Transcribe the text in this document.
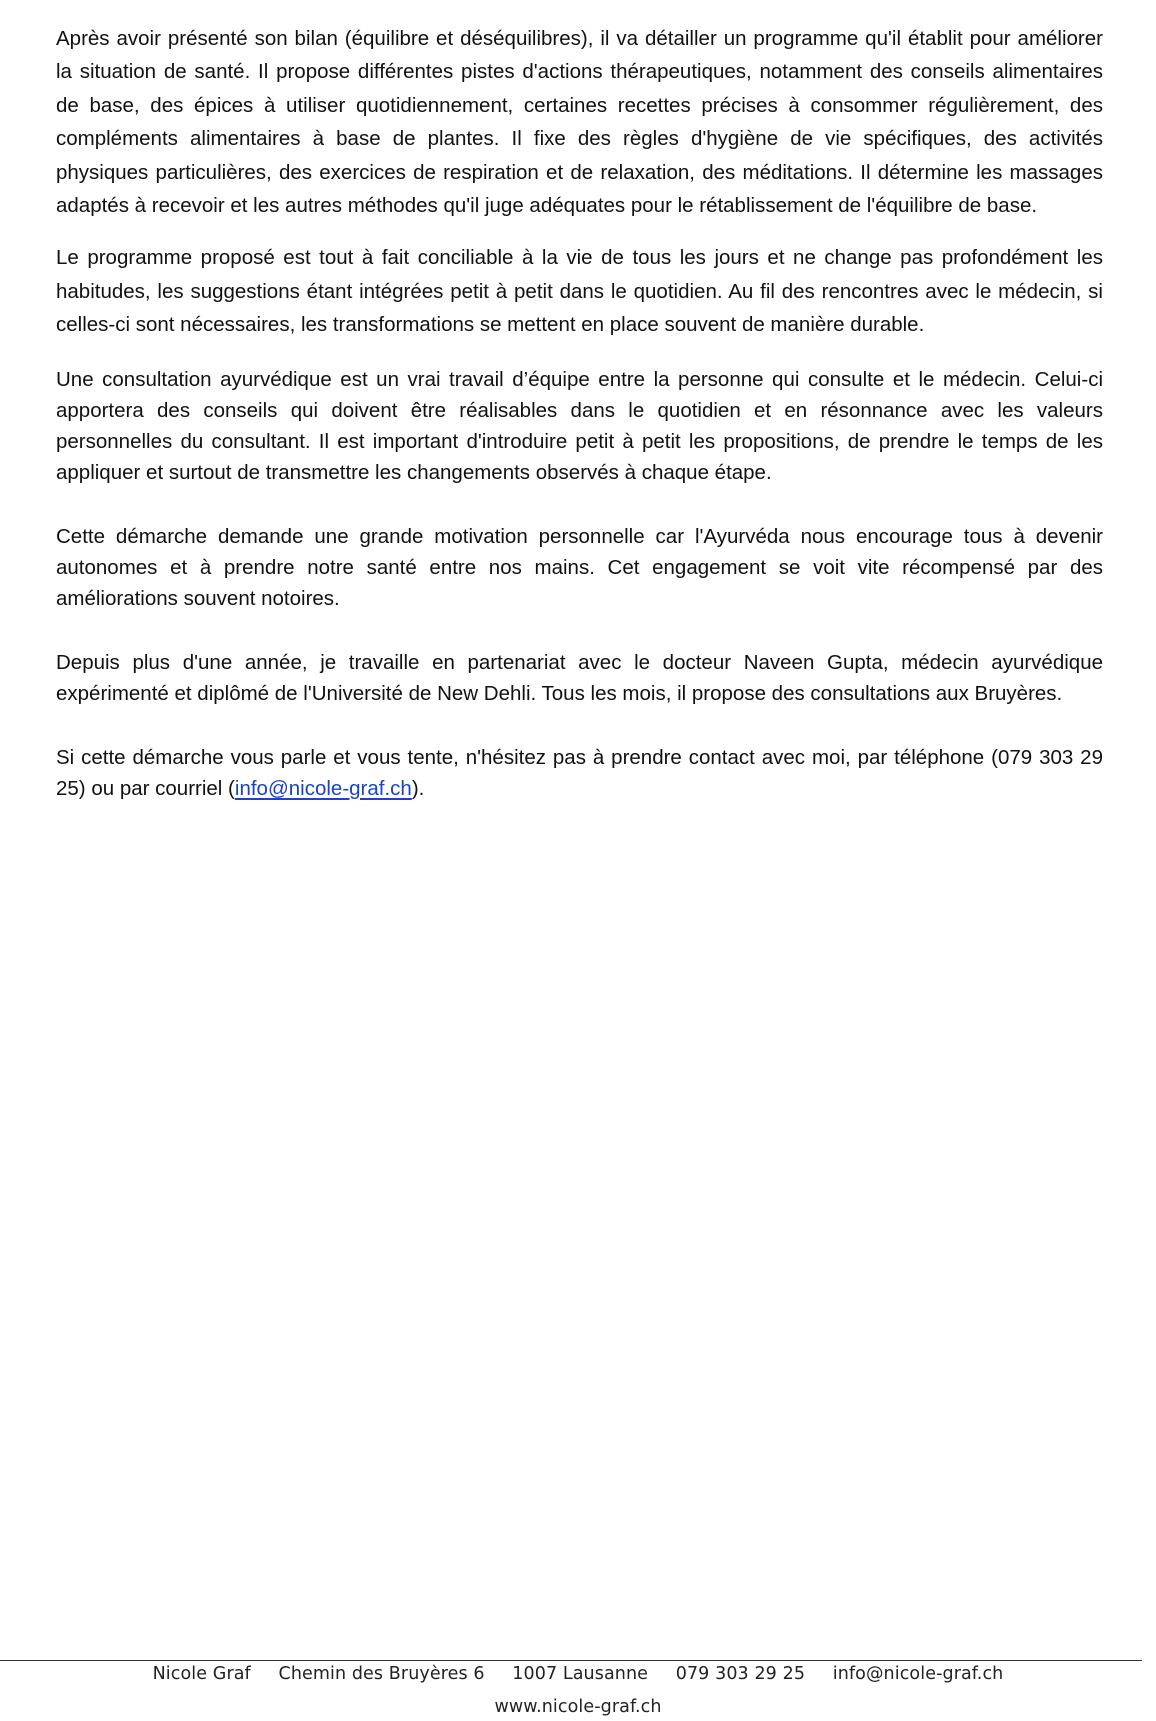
Après avoir présenté son bilan (équilibre et déséquilibres), il va détailler un programme qu'il établit pour améliorer la situation de santé. Il propose différentes pistes d'actions thérapeutiques, notamment des conseils alimentaires de base, des épices à utiliser quotidiennement, certaines recettes précises à consommer régulièrement, des compléments alimentaires à base de plantes. Il fixe des règles d'hygiène de vie spécifiques, des activités physiques particulières, des exercices de respiration et de relaxation, des méditations. Il détermine les massages adaptés à recevoir et les autres méthodes qu'il juge adéquates pour le rétablissement de l'équilibre de base.

Le programme proposé est tout à fait conciliable à la vie de tous les jours et ne change pas profondément les habitudes, les suggestions étant intégrées petit à petit dans le quotidien. Au fil des rencontres avec le médecin, si celles-ci sont nécessaires, les transformations se mettent en place souvent de manière durable.

Une consultation ayurvédique est un vrai travail d’équipe entre la personne qui consulte et le médecin. Celui-ci apportera des conseils qui doivent être réalisables dans le quotidien et en résonnance avec les valeurs personnelles du consultant. Il est important d'introduire petit à petit les propositions, de prendre le temps de les appliquer et surtout de transmettre les changements observés à chaque étape.

Cette démarche demande une grande motivation personnelle car l'Ayurvéda nous encourage tous à devenir autonomes et à prendre notre santé entre nos mains. Cet engagement se voit vite récompensé par des améliorations souvent notoires.

Depuis plus d'une année, je travaille en partenariat avec le docteur Naveen Gupta, médecin ayurvédique expérimenté et diplômé de l'Université de New Dehli. Tous les mois, il propose des consultations aux Bruyères.

Si cette démarche vous parle et vous tente, n'hésitez pas à prendre contact avec moi, par téléphone (079 303 29 25) ou par courriel (info@nicole-graf.ch).

Nicole Graf Chemin des Bruyères 6 1007 Lausanne 079 303 29 25 info@nicole-graf.ch
www.nicole-graf.ch
